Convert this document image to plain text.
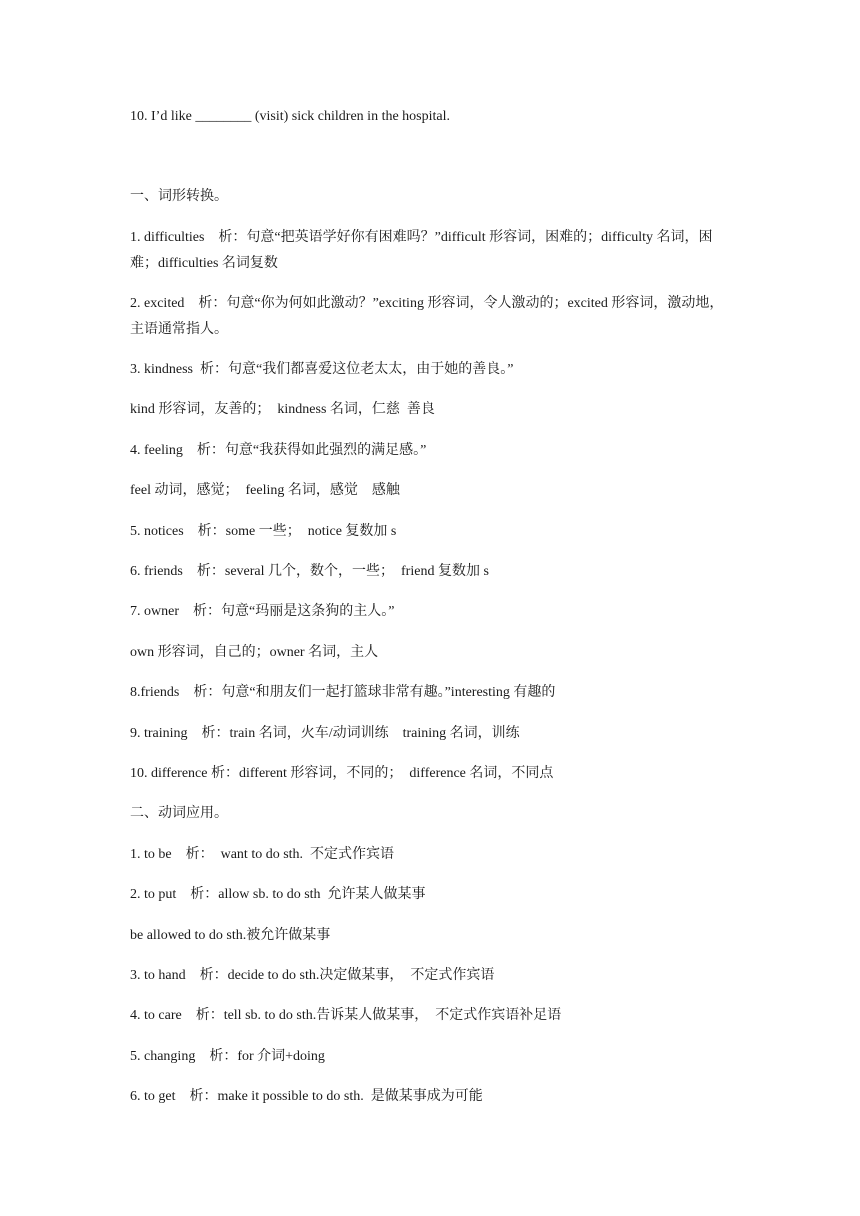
10. I’d like ________ (visit) sick children in the hospital.
一、词形转换。
1. difficulties　析：句意“把英语学好你有困难吗？”difficult 形容词，困难的；difficulty 名词，困难；difficulties 名词复数
2. excited　析：句意“你为何如此激动？”exciting 形容词，令人激动的；excited 形容词，激动地，主语通常指人。
3. kindness  析：句意“我们都喜爱这位老太太，由于她的善良。”
kind 形容词，友善的；  kindness 名词，仁慈  善良
4. feeling　析：句意“我获得如此强烈的满足感。”
feel 动词，感觉；  feeling 名词，感觉　感触
5. notices　析：some 一些；  notice 复数加 s
6. friends　析：several 几个，数个，一些；  friend 复数加 s
7. owner　析：句意“玛丽是这条狗的主人。”
own 形容词，自己的；owner 名词，主人
8.friends　析：句意“和朋友们一起打篮球非常有趣。”interesting 有趣的
9. training　析：train 名词，火车/动词训练　training 名词，训练
10. difference 析：different 形容词，不同的；  difference 名词，不同点
二、动词应用。
1. to be　析：　want to do sth.  不定式作宾语
2. to put　析：allow sb. to do sth  允许某人做某事
be allowed to do sth.被允许做某事
3. to hand　析：decide to do sth.决定做某事，　不定式作宾语
4. to care　析：tell sb. to do sth.告诉某人做某事，　不定式作宾语补足语
5. changing　析：for 介词+doing
6. to get　析：make it possible to do sth.  是做某事成为可能
